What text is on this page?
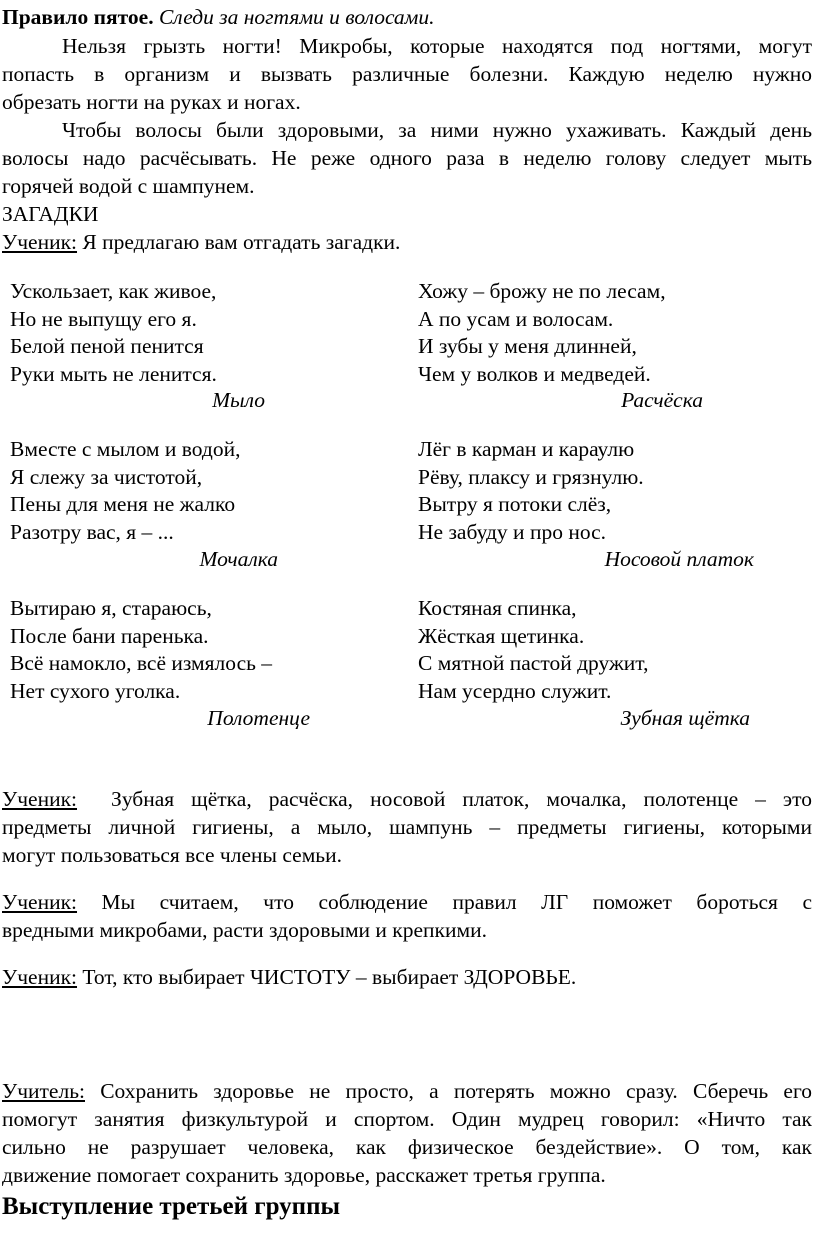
Правило пятое. Следи за ногтями и волосами.
Нельзя грызть ногти! Микробы, которые находятся под ногтями, могут
попасть в организм и вызвать различные болезни. Каждую неделю нужно
обрезать ногти на руках и ногах.
Чтобы волосы были здоровыми, за ними нужно ухаживать. Каждый день
волосы надо расчёсывать. Не реже одного раза в неделю голову следует мыть
горячей водой с шампунем.
ЗАГАДКИ
Ученик: Я предлагаю вам отгадать загадки.
Ускользает, как живое,
Но не выпущу его я.
Белой пеной пенится
Руки мыть не ленится.
Мыло
Хожу – брожу не по лесам,
А по усам и волосам.
И зубы у меня длинней,
Чем у волков и медведей.
Расчёска
Вместе с мылом и водой,
Я слежу за чистотой,
Пены для меня не жалко
Разотру вас, я – ...
Мочалка
Лёг в карман и караулю
Рёву, плаксу и грязнулю.
Вытру я потоки слёз,
Не забуду и про нос.
Носовой платок
Вытираю я, стараюсь,
После бани паренька.
Всё намокло, всё измялось –
Нет сухого уголка.
Полотенце
Костяная спинка,
Жёсткая щетинка.
С мятной пастой дружит,
Нам усердно служит.
Зубная щётка
Ученик: Зубная щётка, расчёска, носовой платок, мочалка, полотенце – это
предметы личной гигиены, а мыло, шампунь – предметы гигиены, которыми
могут пользоваться все члены семьи.
Ученик: Мы считаем, что соблюдение правил ЛГ поможет бороться с
вредными микробами, расти здоровыми и крепкими.
Ученик: Тот, кто выбирает ЧИСТОТУ – выбирает ЗДОРОВЬЕ.
Учитель: Сохранить здоровье не просто, а потерять можно сразу. Сберечь его
помогут занятия физкультурой и спортом. Один мудрец говорил: «Ничто так
сильно не разрушает человека, как физическое бездействие». О том, как
движение помогает сохранить здоровье, расскажет третья группа.
Выступление третьей группы
